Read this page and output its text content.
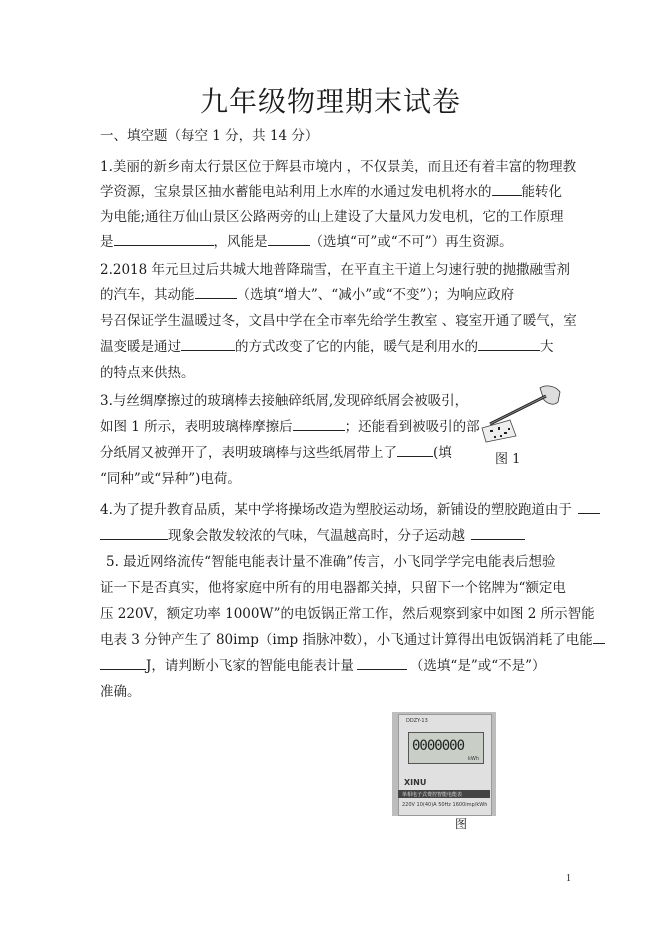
九年级物理期末试卷
一、填空题（每空 1 分，共 14 分）
1.美丽的新乡南太行景区位于辉县市境内 ，不仅景美，而且还有着丰富的物理教
学资源，宝泉景区抽水蓄能电站利用上水库的水通过发电机将水的 能转化
为电能;通往万仙山景区公路两旁的山上建设了大量风力发电机，它的工作原理
是	，风能是	（选填“可”或“不可”）再生资源。
2.2018 年元旦过后共城大地普降瑞雪，在平直主干道上匀速行驶的抛撒融雪剂
的汽车，其动能	（选填“增大”、“减小”或“不变”）；为响应政府
号召保证学生温暖过冬，文昌中学在全市率先给学生教室 、寝室开通了暖气，室
温变暖是通过	的方式改变了它的内能，暖气是利用水的	大
的特点来供热。
3.与丝绸摩擦过的玻璃棒去接触碎纸屑,发现碎纸屑会被吸引，
如图 1 所示，表明玻璃棒摩擦后	；还能看到被吸引的部
分纸屑又被弹开了，表明玻璃棒与这些纸屑带上了	(填
“同种”或“异种”)电荷。
图 1
4.为了提升教育品质，某中学将操场改造为塑胶运动场，新铺设的塑胶跑道由于
现象会散发较浓的气味，气温越高时，分子运动越
5. 最近网络流传“智能电能表计量不准确”传言，小飞同学学完电能表后想验
证一下是否真实，他将家庭中所有的用电器都关掉，只留下一个铭牌为“额定电
压 220V，额定功率 1000W”的电饭锅正常工作，然后观察到家中如图 2 所示智能
电表 3 分钟产生了 80imp（imp 指脉冲数），小飞通过计算得出电饭锅消耗了电能
J，请判断小飞家的智能电能表计量	（选填“是”或“不是”）
准确。
DDZY-13
0000000
kWh
XINU
单相电子式费控智能电能表
220V 10(40)A 50Hz 1600imp/kWh
图
1
